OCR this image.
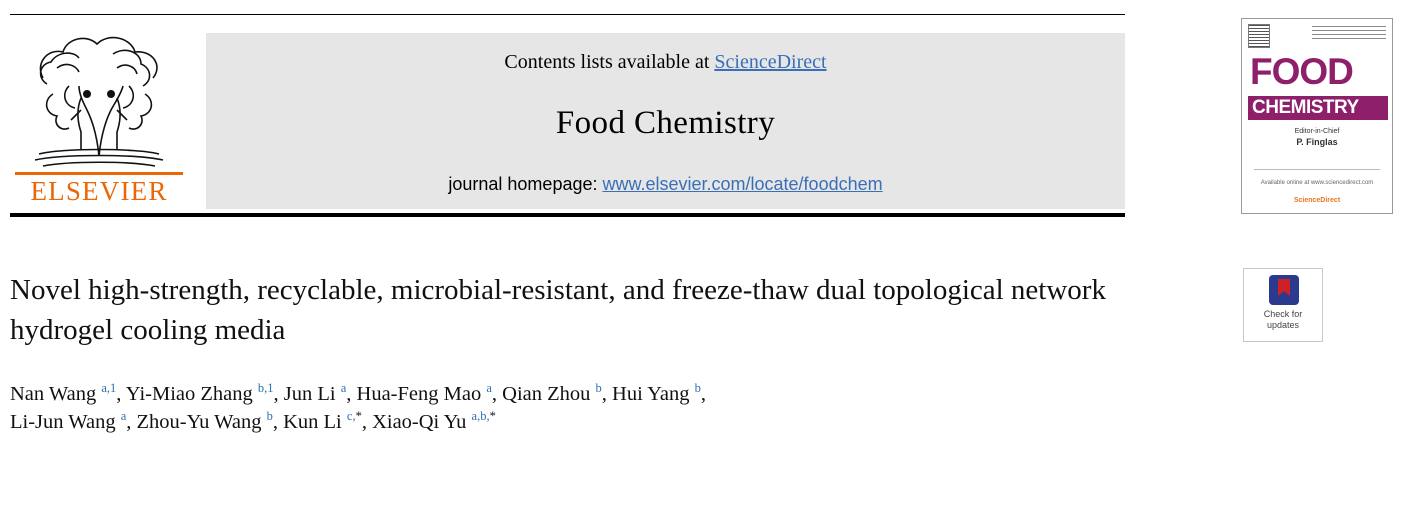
ELSEVIER
Contents lists available at ScienceDirect
Food Chemistry
journal homepage: www.elsevier.com/locate/foodchem
FOOD
CHEMISTRY
Editor-in-Chief
P. Finglas
Available online at www.sciencedirect.com
ScienceDirect
Check for
updates
Novel high-strength, recyclable, microbial-resistant, and freeze-thaw dual topological network hydrogel cooling media
Nan Wang $^{a,1}$, Yi-Miao Zhang $^{b,1}$, Jun Li $^a$, Hua-Feng Mao $^a$, Qian Zhou $^b$, Hui Yang $^b$,
Li-Jun Wang $^a$, Zhou-Yu Wang $^b$, Kun Li $^{c,*}$, Xiao-Qi Yu $^{a,b,*}$
